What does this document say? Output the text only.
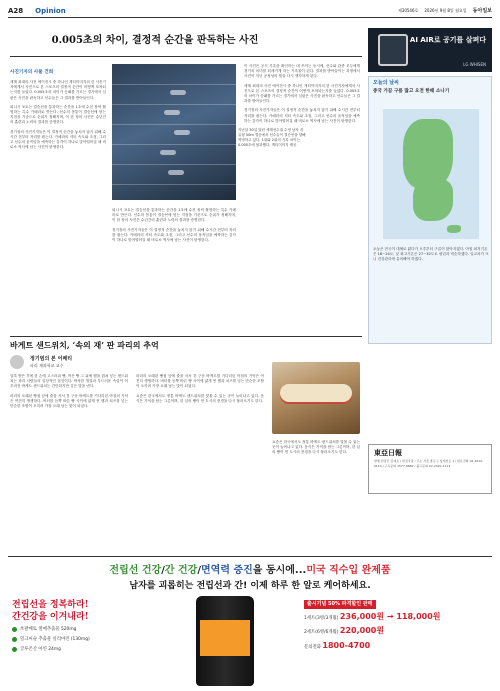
A28 Opinion	제30546호 2026년 9월 8일 월요일 동아일보
0.005초의 차이, 결정적 순간을 판독하는 사진
사진기자의 사물 건희

세계 최대의 사진 에이전시 중 하나인 게티이미지의 한 사진기자에게서 사진으로 본 스포츠의 결정적 순간이 어떻게 포착되는지를 들었다. 0.005초의 차이가 승패를 가르는 경기에서 심판은 사진을 판독하고 선수들은 그 결과를 받아들인다.

피니시 포토는 결승선을 통과하는 순간을 1초에 수천 장씩 촬영하는 특수 카메라로 만든다. 선수의 몸통이 결승선에 닿는 지점을 기준으로 순위가 정해지며, 이 한 장의 사진은 수년간의 훈련과 노력의 결과를 증명한다.

경기장의 사진기자들은 이 결정적 순간을 놓치지 않기 위해 수시간 전부터 자리를 잡는다. 카메라의 셔터 속도와 초점, 그리고 선수의 움직임을 예측하는 감각이 하나로 맞아떨어질 때 비로소 역사에 남는 사진이 탄생한다.

지난달 30일 열린 세계선수권 수영 남자 자유형 50m 결승에서 선수들이 결승선을 향해 역영하고 있다. 1위와 2위의 기록 차이는 0.005초에 불과했다. 게티이미지 제공

피니시 포토는 결승선을 통과하는 순간을 1초에 수천 장씩 촬영하는 특수 카메라로 만든다. 선수의 몸통이 결승선에 닿는 지점을 기준으로 순위가 정해지며, 이 한 장의 사진은 수년간의 훈련과 노력의 결과를 증명한다.

경기장의 사진기자들은 이 결정적 순간을 놓치지 않기 위해 수시간 전부터 자리를 잡는다. 카메라의 셔터 속도와 초점, 그리고 선수의 움직임을 예측하는 감각이 하나로 맞아떨어질 때 비로소 역사에 남는 사진이 탄생한다.

이 사진은 공식 기록을 확인하는 데 쓰이는 동시에, 선수와 관중 모두에게 경기의 의미를 되새기게 하는 기록물이 된다. 결과를 받아들이는 과정에서 사진이 지닌 공정성의 힘을 다시 생각하게 된다.

세계 최대의 사진 에이전시 중 하나인 게티이미지의 한 사진기자에게서 사진으로 본 스포츠의 결정적 순간이 어떻게 포착되는지를 들었다. 0.005초의 차이가 승패를 가르는 경기에서 심판은 사진을 판독하고 선수들은 그 결과를 받아들인다.

경기장의 사진기자들은 이 결정적 순간을 놓치지 않기 위해 수시간 전부터 자리를 잡는다. 카메라의 셔터 속도와 초점, 그리고 선수의 움직임을 예측하는 감각이 하나로 맞아떨어질 때 비로소 역사에 남는 사진이 탄생한다.

AI AIR로 공기를 살펴다
LG WHISEN
오늘의 날씨
중국 가끔 구름 많고 오전 한때 소나기
오늘은 전국이 대체로 맑다가 오후부터 구름이 많아지겠다. 아침 최저기온은 18~24도, 낮 최고기온은 27~32도로 평년과 비슷하겠다. 일교차가 크니 건강관리에 유의해야 하겠다.
바게트 샌드위치, ‘속의 재’ 판 파리의 추억
정기범의 본 어페티
파리 제과학교 교수

알록 받은 후에 한 손에 고스러워 빵, 작은 빵 그 위에 햄을 겹쳐 넣는 샌드위치는 파리 사람들의 일상적인 점심이다. 바삭한 껍질과 부드러운 속살이 어우러진 바게트 샌드위치는 간단하지만 깊은 맛을 낸다.

파리의 오래된 빵집 앞에 줄을 서서 갓 구운 바게트를 기다리던 아침의 기억은 여전히 생생하다. 버터를 듬뿍 바른 빵 사이에 얇게 썬 햄과 치즈를 넣는 단순한 조합이 오히려 가장 오래 남는 맛이 되었다.

파리의 오래된 빵집 앞에 줄을 서서 갓 구운 바게트를 기다리던 아침의 기억은 여전히 생생하다. 버터를 듬뿍 바른 빵 사이에 얇게 썬 햄과 치즈를 넣는 단순한 조합이 오히려 가장 오래 남는 맛이 되었다.

요즘은 한국에서도 정통 바게트 샌드위치를 맛볼 수 있는 곳이 늘어나고 있다. 음식은 기억을 담는 그릇이며, 한 입의 빵이 먼 도시의 풍경을 다시 불러오기도 한다.

요즘은 한국에서도 정통 바게트 샌드위치를 맛볼 수 있는 곳이 늘어나고 있다. 음식은 기억을 담는 그릇이며, 한 입의 빵이 먼 도시의 풍경을 다시 불러오기도 한다.	東亞日報
발행·편집인 김재호 / 편집국장 / 주소 서울 종로구 청계천로 1 / 대표전화 02-2020-0114 / 구독문의 1577-8880 / 광고문의 02-2020-1114
전립선 건강/간 건강/면역력 증진을 동시에...미국 직수입 완제품
남자를 괴롭히는 전립선과 간! 이제 하루 한 알로 케어하세요.
전립선을 정복하라!
간건강을 이겨내라!
쏘팔메토 열매추출물 520mg
밀크씨슬 추출물 실리마린 (130mg)
글루콘산 아연 24mg
출시기념 50% 파격할인 판매
1세트(3병/3개월) 236,000원 → 118,000원
2세트(6병/6개월) 220,000원
문의전화 1800-4700
